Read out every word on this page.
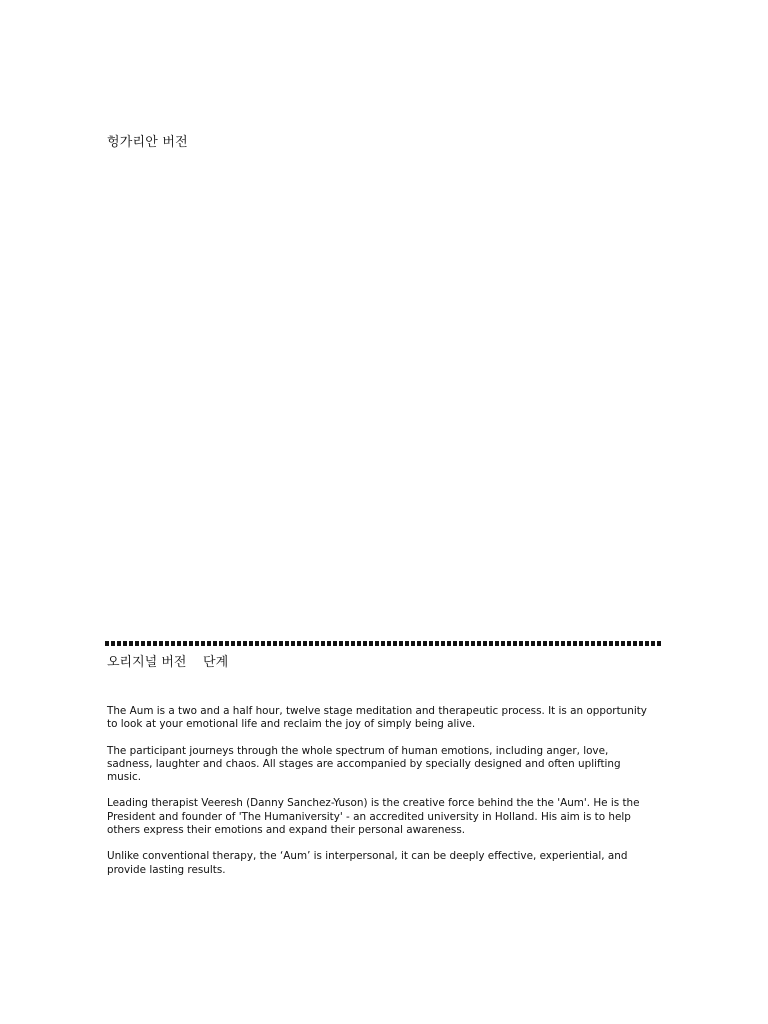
헝가리안 버전
오리지널 버전    단계

The Aum is a two and a half hour, twelve stage meditation and therapeutic process. It is an opportunity to look at your emotional life and reclaim the joy of simply being alive.

The participant journeys through the whole spectrum of human emotions, including anger, love, sadness, laughter and chaos. All stages are accompanied by specially designed and often uplifting music.

Leading therapist Veeresh (Danny Sanchez-Yuson) is the creative force behind the the 'Aum'. He is the President and founder of 'The Humaniversity' - an accredited university in Holland. His aim is to help others express their emotions and expand their personal awareness.

Unlike conventional therapy, the ‘Aum’ is interpersonal, it can be deeply effective, experiential, and provide lasting results.
